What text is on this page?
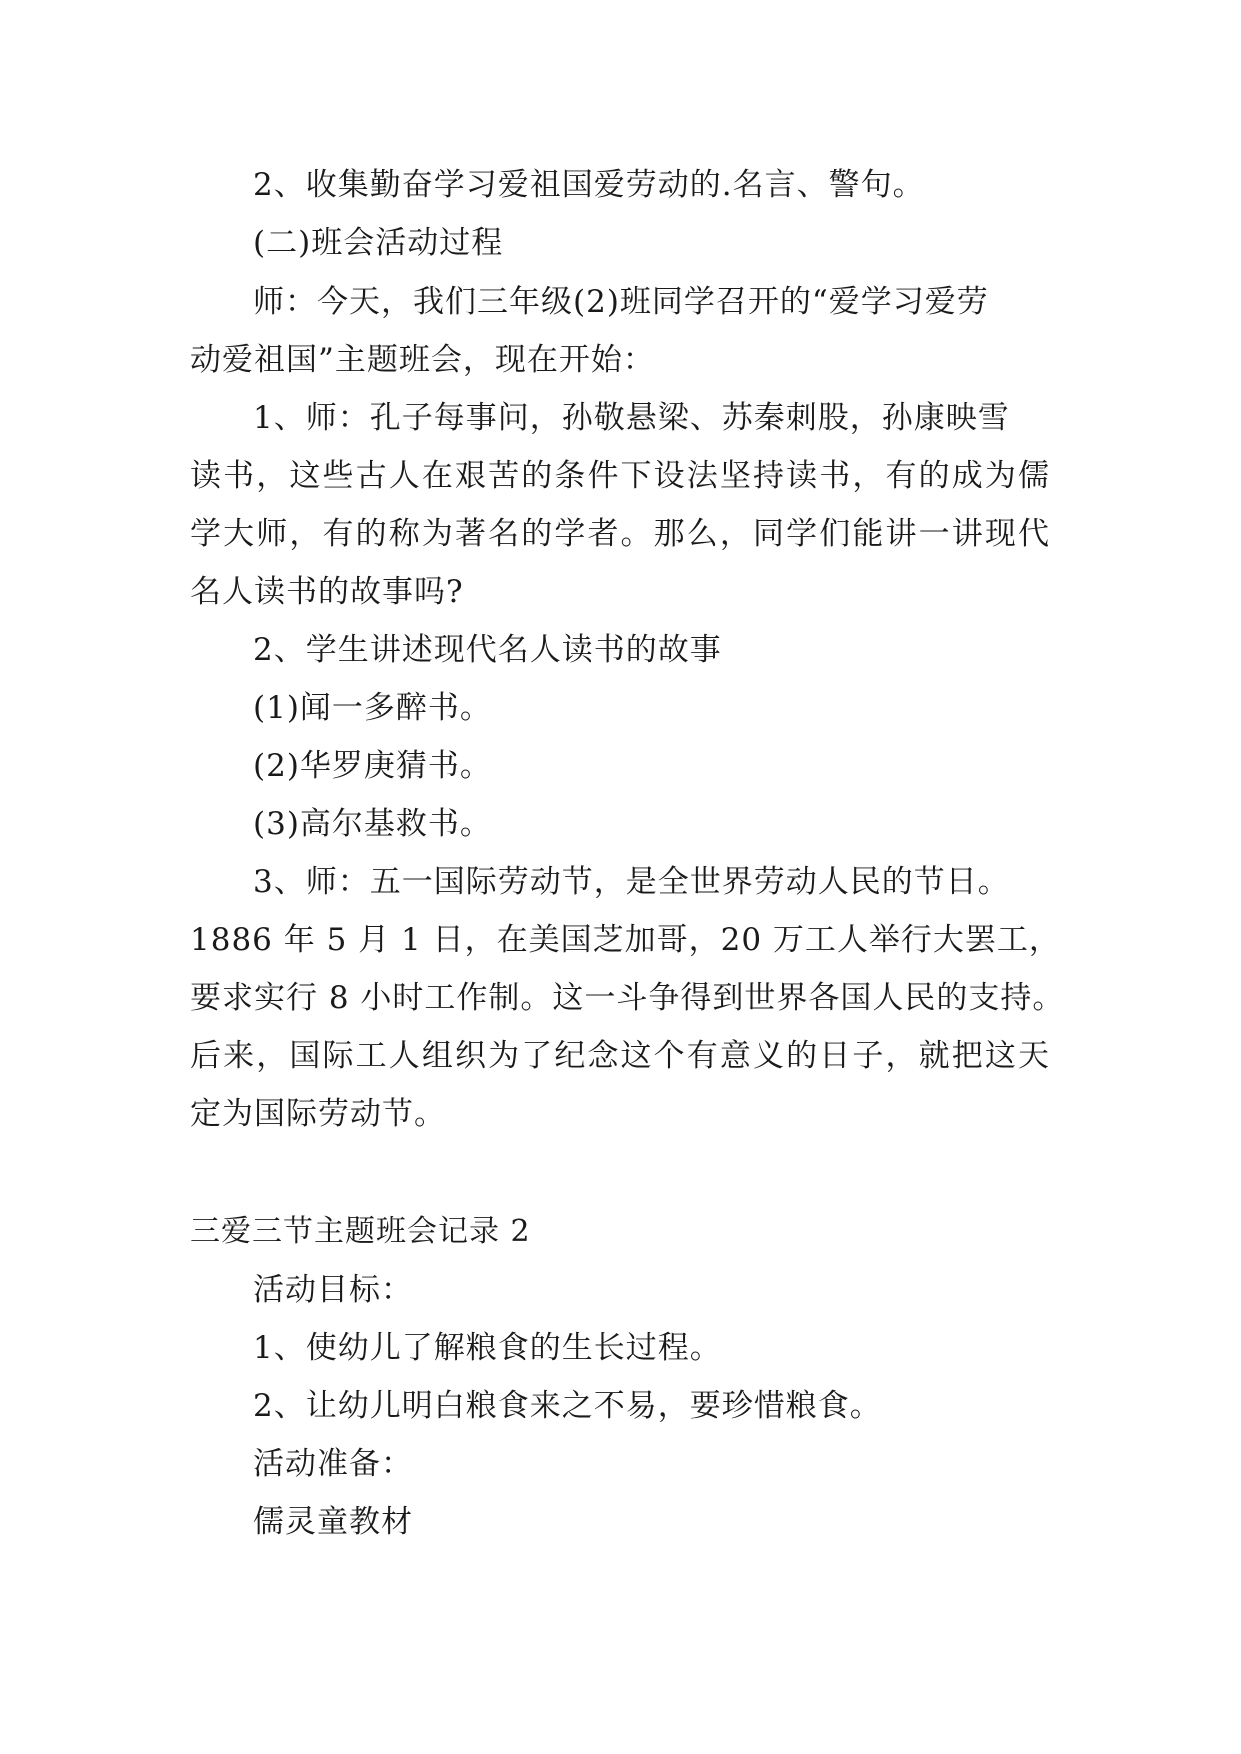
2、收集勤奋学习爱祖国爱劳动的.名言、警句。
(二)班会活动过程
师：今天，我们三年级(2)班同学召开的“爱学习爱劳
动爱祖国”主题班会，现在开始：
1、师：孔子每事问，孙敬悬梁、苏秦刺股，孙康映雪
读书，这些古人在艰苦的条件下设法坚持读书，有的成为儒
学大师，有的称为著名的学者。那么，同学们能讲一讲现代
名人读书的故事吗?
2、学生讲述现代名人读书的故事
(1)闻一多醉书。
(2)华罗庚猜书。
(3)高尔基救书。
3、师：五一国际劳动节，是全世界劳动人民的节日。
1886 年 5 月 1 日，在美国芝加哥，20 万工人举行大罢工，
要求实行 8 小时工作制。这一斗争得到世界各国人民的支持。
后来，国际工人组织为了纪念这个有意义的日子，就把这天
定为国际劳动节。
三爱三节主题班会记录 2
活动目标：
1、使幼儿了解粮食的生长过程。
2、让幼儿明白粮食来之不易，要珍惜粮食。
活动准备：
儒灵童教材
